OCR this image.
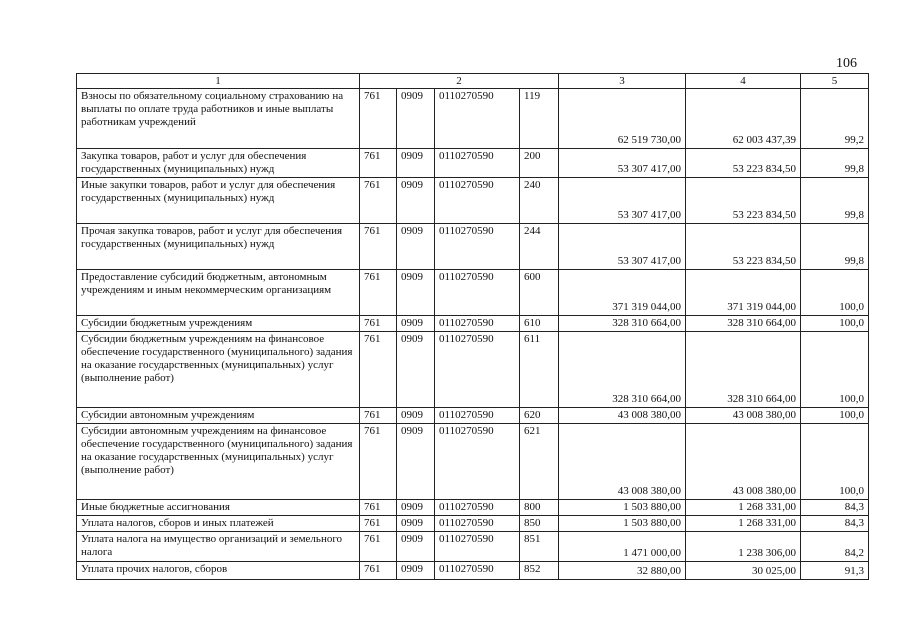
106
1	2				3	4	5
Взносы по обязательному социальному страхованию на выплаты по оплате труда работников и иные выплаты работникам учреждений	761	0909	0110270590	119	62 519 730,00	62 003 437,39	99,2
Закупка товаров, работ и услуг для обеспечения государственных (муниципальных) нужд	761	0909	0110270590	200	53 307 417,00	53 223 834,50	99,8
Иные закупки товаров, работ и услуг для обеспечения государственных (муниципальных) нужд	761	0909	0110270590	240	53 307 417,00	53 223 834,50	99,8
Прочая закупка товаров, работ и услуг для обеспечения государственных (муниципальных) нужд	761	0909	0110270590	244	53 307 417,00	53 223 834,50	99,8
Предоставление субсидий бюджетным, автономным учреждениям и иным некоммерческим организациям	761	0909	0110270590	600	371 319 044,00	371 319 044,00	100,0
Субсидии бюджетным учреждениям	761	0909	0110270590	610	328 310 664,00	328 310 664,00	100,0
Субсидии бюджетным учреждениям на финансовое обеспечение государственного (муниципального) задания на оказание государственных (муниципальных) услуг (выполнение работ)	761	0909	0110270590	611	328 310 664,00	328 310 664,00	100,0
Субсидии автономным учреждениям	761	0909	0110270590	620	43 008 380,00	43 008 380,00	100,0
Субсидии автономным учреждениям на финансовое обеспечение государственного (муниципального) задания на оказание государственных (муниципальных) услуг (выполнение работ)	761	0909	0110270590	621	43 008 380,00	43 008 380,00	100,0
Иные бюджетные ассигнования	761	0909	0110270590	800	1 503 880,00	1 268 331,00	84,3
Уплата налогов, сборов и иных платежей	761	0909	0110270590	850	1 503 880,00	1 268 331,00	84,3
Уплата налога на имущество организаций и земельного налога	761	0909	0110270590	851	1 471 000,00	1 238 306,00	84,2
Уплата прочих налогов, сборов	761	0909	0110270590	852	32 880,00	30 025,00	91,3
